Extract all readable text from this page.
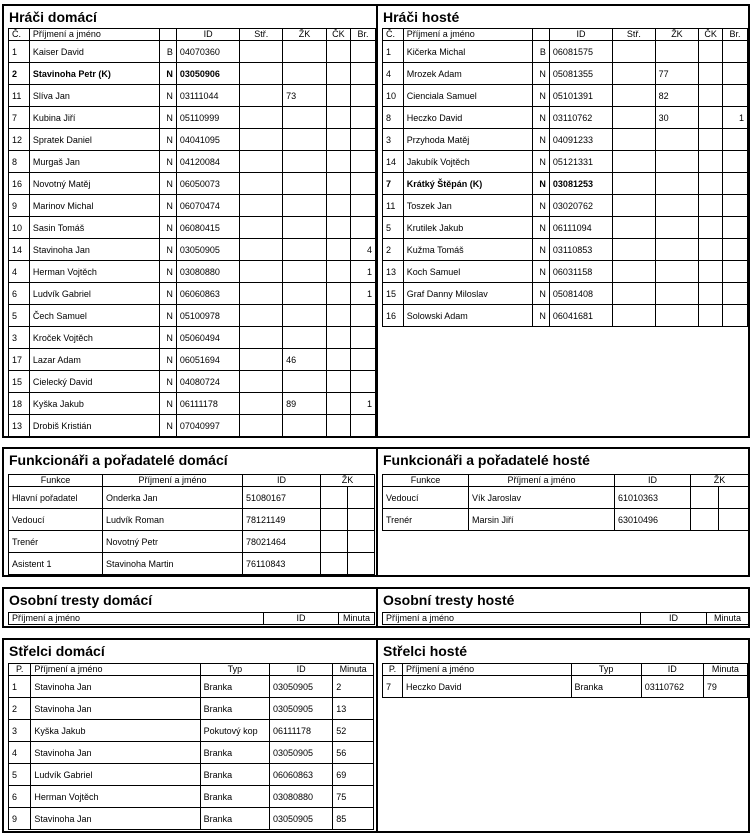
Hráči domácí	Hráči hosté
Č.	Příjmení a jméno		ID	Stř.	ŽK	ČK	Br.
1	Kaiser David	B	04070360				
2	Stavinoha Petr (K)	N	03050906				
11	Slíva Jan	N	03111044		73		
7	Kubina Jiří	N	05110999				
12	Spratek Daniel	N	04041095				
8	Murgaš Jan	N	04120084				
16	Novotný Matěj	N	06050073				
9	Marinov Michal	N	06070474				
10	Sasin Tomáš	N	06080415				
14	Stavinoha Jan	N	03050905				4
4	Herman Vojtěch	N	03080880				1
6	Ludvík Gabriel	N	06060863				1
5	Čech Samuel	N	05100978				
3	Kroček Vojtěch	N	05060494				
17	Lazar Adam	N	06051694		46		
15	Cielecký David	N	04080724				
18	Kyška Jakub	N	06111178		89		1
13	Drobiš Kristián	N	07040997				
Č.	Příjmení a jméno		ID	Stř.	ŽK	ČK	Br.
1	Kičerka Michal	B	06081575				
4	Mrozek Adam	N	05081355		77		
10	Cienciala Samuel	N	05101391		82		
8	Heczko David	N	03110762		30		1
3	Przyhoda Matěj	N	04091233				
14	Jakubík Vojtěch	N	05121331				
7	Krátký Štěpán (K)	N	03081253				
11	Toszek Jan	N	03020762				
5	Krutilek Jakub	N	06111094				
2	Kužma Tomáš	N	03110853				
13	Koch Samuel	N	06031158				
15	Graf Danny Miloslav	N	05081408				
16	Solowski Adam	N	06041681				
Funkcionáři a pořadatelé domácí	Funkcionáři a pořadatelé hosté
Funkce	Příjmení a jméno	ID	ŽK	
Hlavní pořadatel	Onderka Jan	51080167		
Vedoucí	Ludvík Roman	78121149		
Trenér	Novotný Petr	78021464		
Asistent 1	Stavinoha Martin	76110843		
Funkce	Příjmení a jméno	ID	ŽK	
Vedoucí	Vík Jaroslav	61010363		
Trenér	Marsin Jiří	63010496		
Osobní tresty domácí	Osobní tresty hosté
Příjmení a jméno	ID	Minuta Příjmení a jméno	ID	Minuta
Střelci domácí	Střelci hosté
P.	Příjmení a jméno	Typ	ID	Minuta
1	Stavinoha Jan	Branka	03050905	2
2	Stavinoha Jan	Branka	03050905	13
3	Kyška Jakub	Pokutový kop	06111178	52
4	Stavinoha Jan	Branka	03050905	56
5	Ludvík Gabriel	Branka	06060863	69
6	Herman Vojtěch	Branka	03080880	75
9	Stavinoha Jan	Branka	03050905	85
P.	Příjmení a jméno	Typ	ID	Minuta
7	Heczko David	Branka	03110762	79
